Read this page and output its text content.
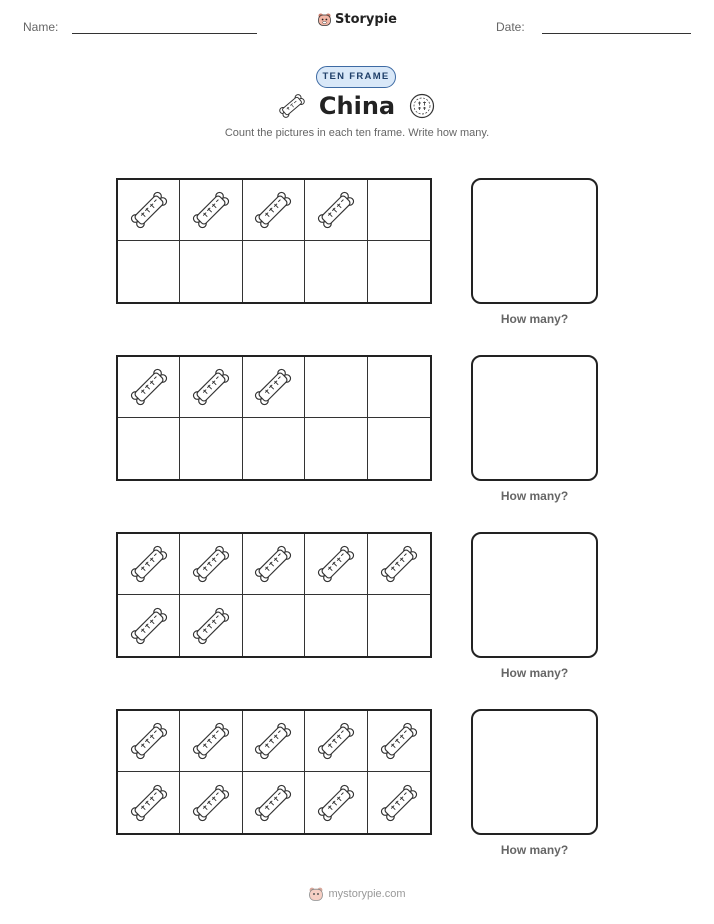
Name:	Storypie	Date:
TEN FRAME
China
Count the pictures in each ten frame. Write how many.
How many?
How many?
How many?
How many?
mystorypie.com
